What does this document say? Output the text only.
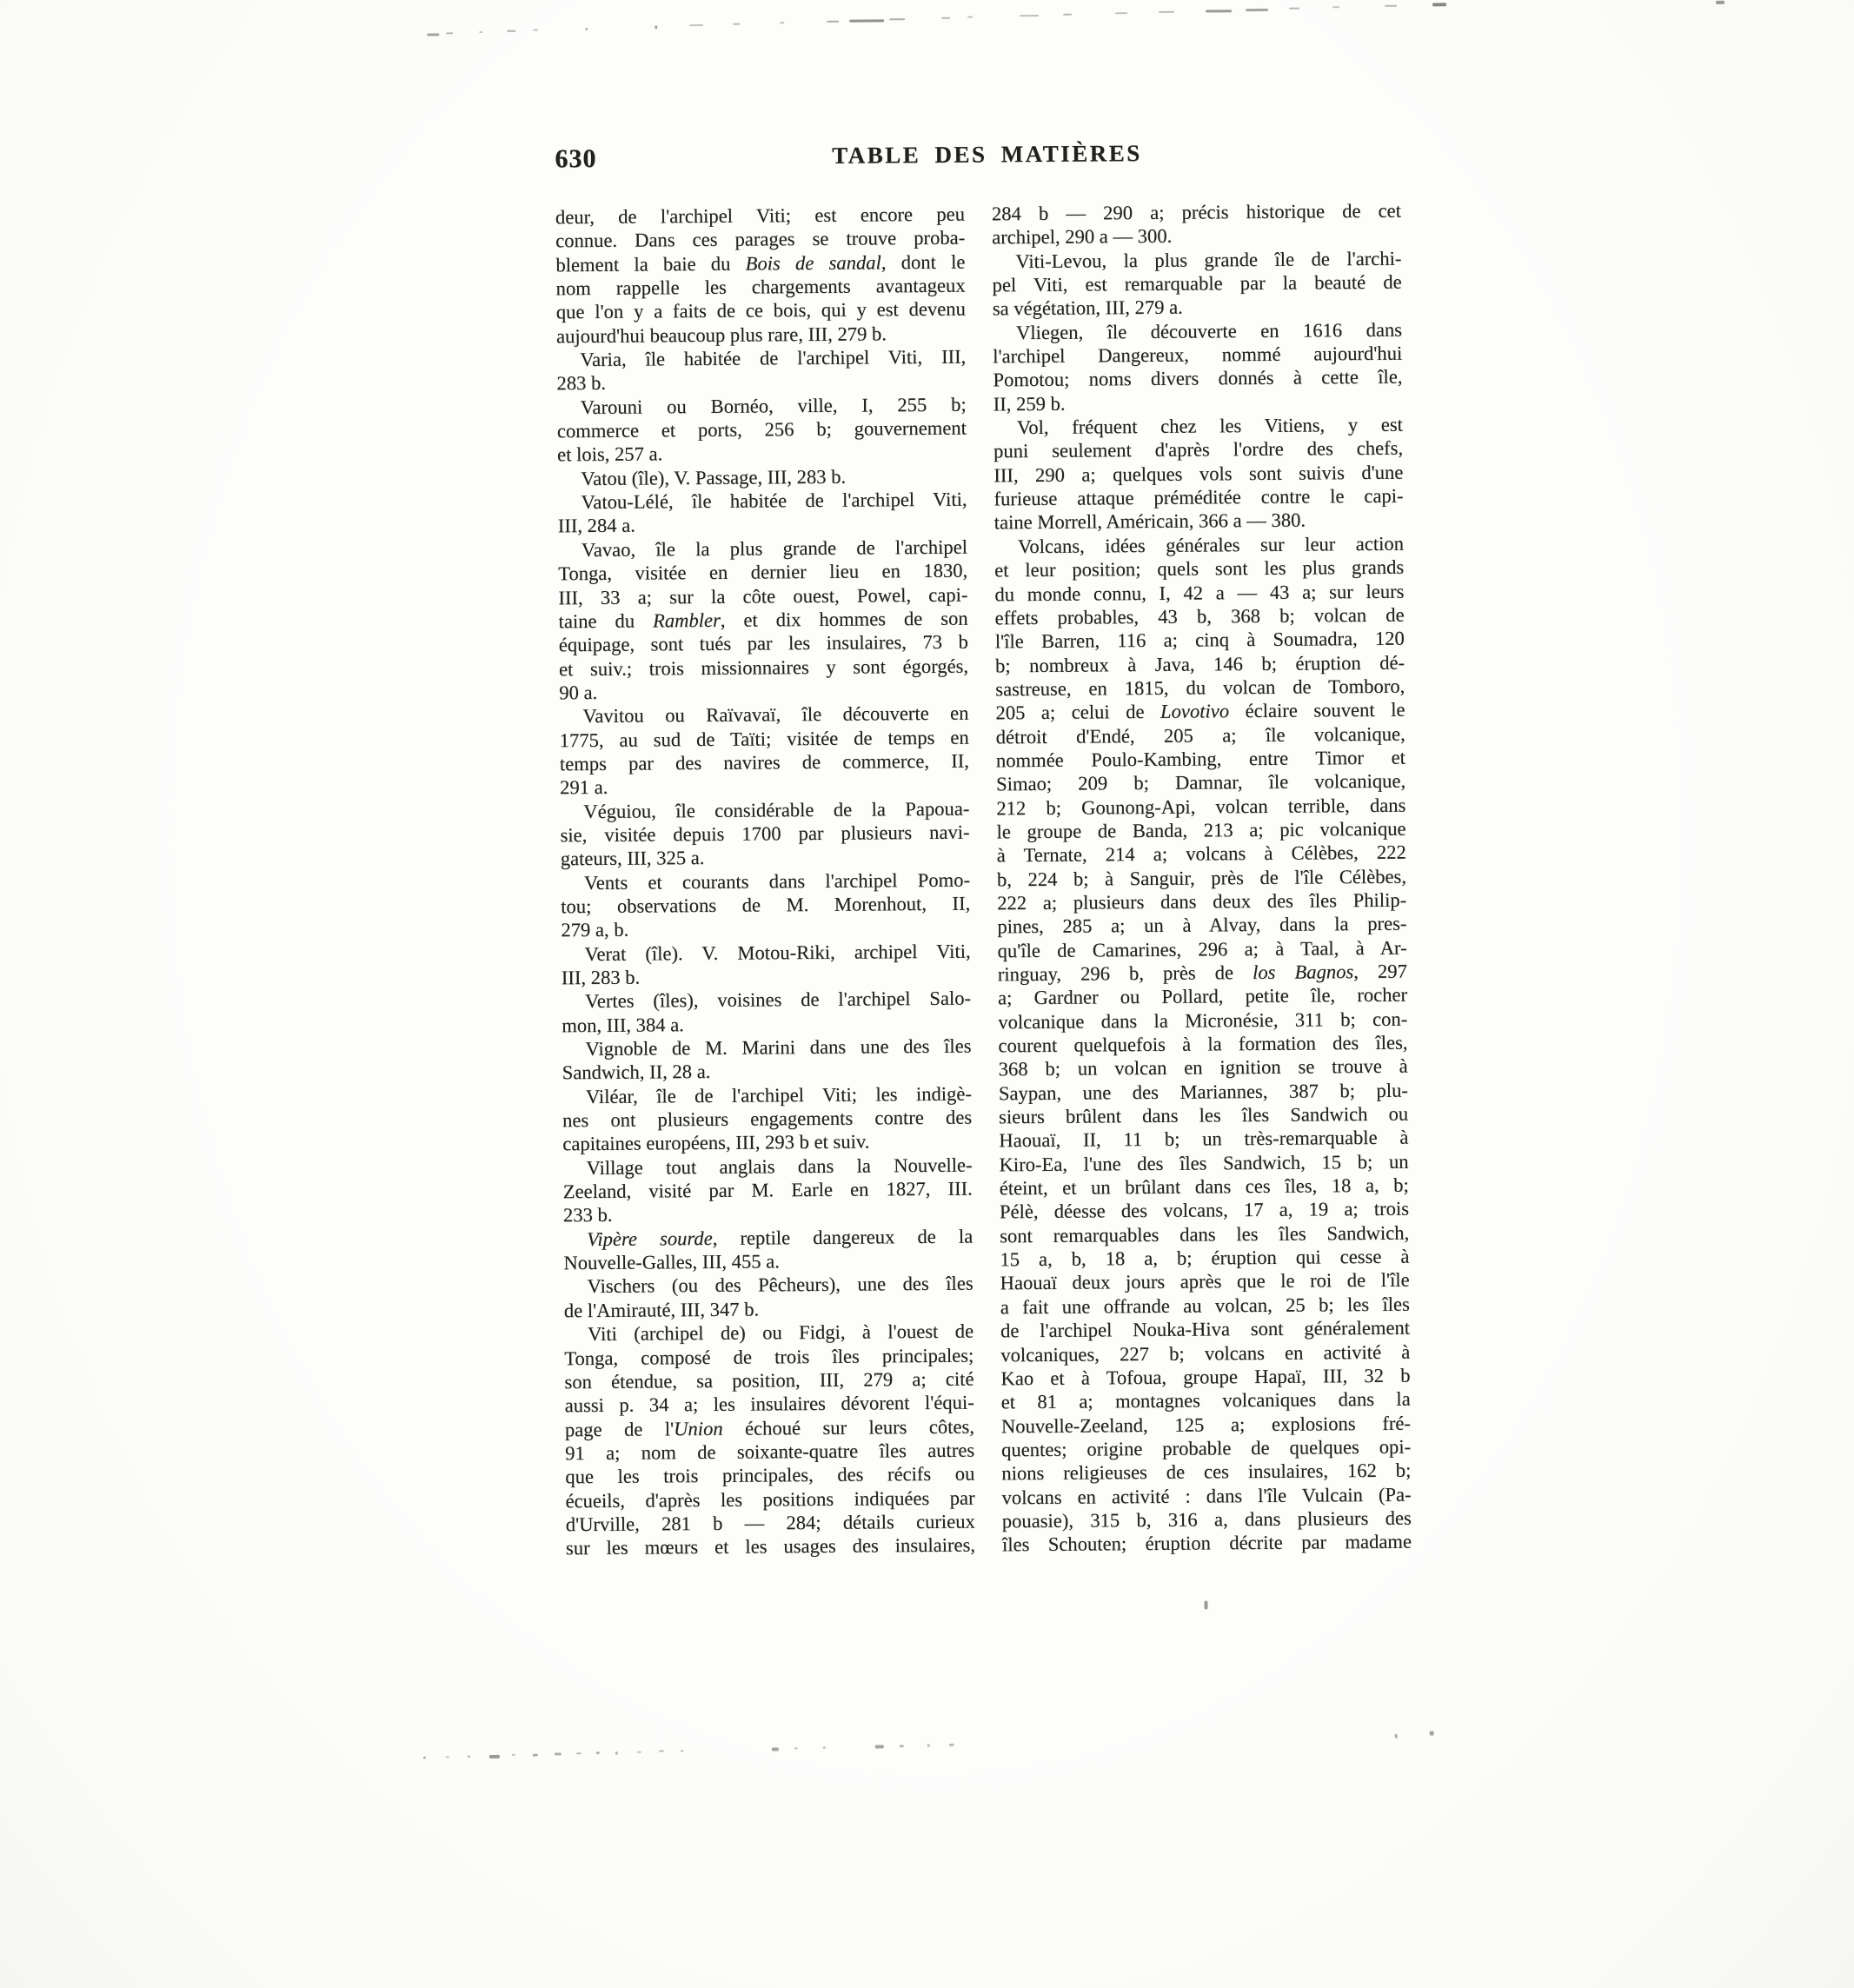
630	TABLE DES MATIÈRES
deur, de l'archipel Viti; est encore peu
connue. Dans ces parages se trouve proba-
blement la baie du Bois de sandal, dont le
nom rappelle les chargements avantageux
que l'on y a faits de ce bois, qui y est devenu
aujourd'hui beaucoup plus rare, III, 279 b.
Varia, île habitée de l'archipel Viti, III,
283 b.
Varouni ou Bornéo, ville, I, 255 b;
commerce et ports, 256 b; gouvernement
et lois, 257 a.
Vatou (île), V. Passage, III, 283 b.
Vatou-Lélé, île habitée de l'archipel Viti,
III, 284 a.
Vavao, île la plus grande de l'archipel
Tonga, visitée en dernier lieu en 1830,
III, 33 a; sur la côte ouest, Powel, capi-
taine du Rambler, et dix hommes de son
équipage, sont tués par les insulaires, 73 b
et suiv.; trois missionnaires y sont égorgés,
90 a.
Vavitou ou Raïvavaï, île découverte en
1775, au sud de Taïti; visitée de temps en
temps par des navires de commerce, II,
291 a.
Véguiou, île considérable de la Papoua-
sie, visitée depuis 1700 par plusieurs navi-
gateurs, III, 325 a.
Vents et courants dans l'archipel Pomo-
tou; observations de M. Morenhout, II,
279 a, b.
Verat (île). V. Motou-Riki, archipel Viti,
III, 283 b.
Vertes (îles), voisines de l'archipel Salo-
mon, III, 384 a.
Vignoble de M. Marini dans une des îles
Sandwich, II, 28 a.
Viléar, île de l'archipel Viti; les indigè-
nes ont plusieurs engagements contre des
capitaines européens, III, 293 b et suiv.
Village tout anglais dans la Nouvelle-
Zeeland, visité par M. Earle en 1827, III.
233 b.
Vipère sourde, reptile dangereux de la
Nouvelle-Galles, III, 455 a.
Vischers (ou des Pêcheurs), une des îles
de l'Amirauté, III, 347 b.
Viti (archipel de) ou Fidgi, à l'ouest de
Tonga, composé de trois îles principales;
son étendue, sa position, III, 279 a; cité
aussi p. 34 a; les insulaires dévorent l'équi-
page de l'Union échoué sur leurs côtes,
91 a; nom de soixante-quatre îles autres
que les trois principales, des récifs ou
écueils, d'après les positions indiquées par
d'Urville, 281 b — 284; détails curieux
sur les mœurs et les usages des insulaires,
284 b — 290 a; précis historique de cet
archipel, 290 a — 300.
Viti-Levou, la plus grande île de l'archi-
pel Viti, est remarquable par la beauté de
sa végétation, III, 279 a.
Vliegen, île découverte en 1616 dans
l'archipel Dangereux, nommé aujourd'hui
Pomotou; noms divers donnés à cette île,
II, 259 b.
Vol, fréquent chez les Vitiens, y est
puni seulement d'après l'ordre des chefs,
III, 290 a; quelques vols sont suivis d'une
furieuse attaque préméditée contre le capi-
taine Morrell, Américain, 366 a — 380.
Volcans, idées générales sur leur action
et leur position; quels sont les plus grands
du monde connu, I, 42 a — 43 a; sur leurs
effets probables, 43 b, 368 b; volcan de
l'île Barren, 116 a; cinq à Soumadra, 120
b; nombreux à Java, 146 b; éruption dé-
sastreuse, en 1815, du volcan de Tomboro,
205 a; celui de Lovotivo éclaire souvent le
détroit d'Endé, 205 a; île volcanique,
nommée Poulo-Kambing, entre Timor et
Simao; 209 b; Damnar, île volcanique,
212 b; Gounong-Api, volcan terrible, dans
le groupe de Banda, 213 a; pic volcanique
à Ternate, 214 a; volcans à Célèbes, 222
b, 224 b; à Sanguir, près de l'île Célèbes,
222 a; plusieurs dans deux des îles Philip-
pines, 285 a; un à Alvay, dans la pres-
qu'île de Camarines, 296 a; à Taal, à Ar-
ringuay, 296 b, près de los Bagnos, 297
a; Gardner ou Pollard, petite île, rocher
volcanique dans la Micronésie, 311 b; con-
courent quelquefois à la formation des îles,
368 b; un volcan en ignition se trouve à
Saypan, une des Mariannes, 387 b; plu-
sieurs brûlent dans les îles Sandwich ou
Haouaï, II, 11 b; un très-remarquable à
Kiro-Ea, l'une des îles Sandwich, 15 b; un
éteint, et un brûlant dans ces îles, 18 a, b;
Pélè, déesse des volcans, 17 a, 19 a; trois
sont remarquables dans les îles Sandwich,
15 a, b, 18 a, b; éruption qui cesse à
Haouaï deux jours après que le roi de l'île
a fait une offrande au volcan, 25 b; les îles
de l'archipel Nouka-Hiva sont généralement
volcaniques, 227 b; volcans en activité à
Kao et à Tofoua, groupe Hapaï, III, 32 b
et 81 a; montagnes volcaniques dans la
Nouvelle-Zeeland, 125 a; explosions fré-
quentes; origine probable de quelques opi-
nions religieuses de ces insulaires, 162 b;
volcans en activité : dans l'île Vulcain (Pa-
pouasie), 315 b, 316 a, dans plusieurs des
îles Schouten; éruption décrite par madame
